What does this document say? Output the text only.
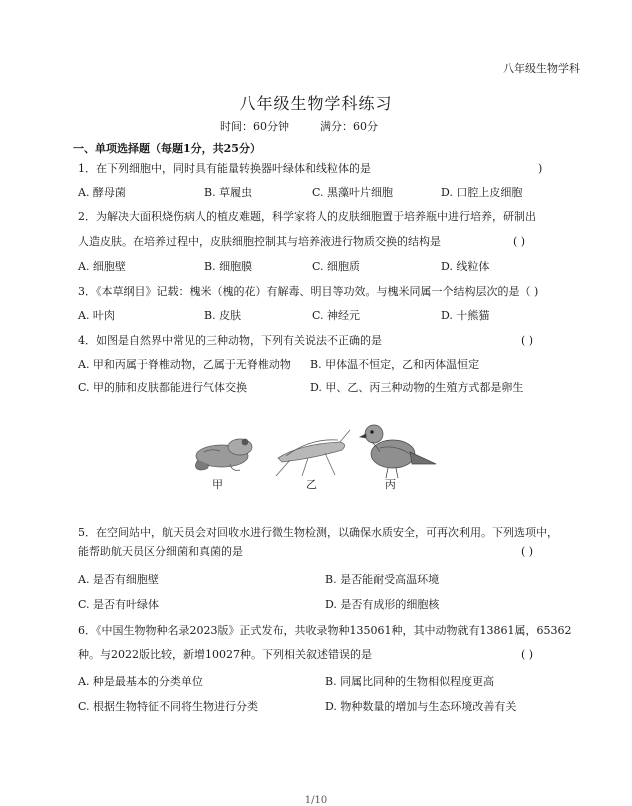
八年级生物学科
八年级生物学科练习
时间：60分钟	满分：60分
一、单项选择题（每题1分，共25分）
1．在下列细胞中，同时具有能量转换器叶绿体和线粒体的是	)
A. 酵母菌	B. 草履虫	C. 黑藻叶片细胞	D. 口腔上皮细胞
2．为解决大面积烧伤病人的植皮难题，科学家将人的皮肤细胞置于培养瓶中进行培养，研制出
人造皮肤。在培养过程中，皮肤细胞控制其与培养液进行物质交换的结构是	( )
A. 细胞壁	B. 细胞膜	C. 细胞质	D. 线粒体
3．《本草纲目》记载：槐米（槐的花）有解毒、明目等功效。与槐米同属一个结构层次的是（ )
A. 叶肉	B. 皮肤	C. 神经元	D. 十熊猫
4．如图是自然界中常见的三种动物，下列有关说法不正确的是	( )
A. 甲和丙属于脊椎动物，乙属于无脊椎动物 B. 甲体温不恒定，乙和丙体温恒定
C. 甲的肺和皮肤都能进行气体交换	D. 甲、乙、丙三种动物的生殖方式都是卵生
甲	乙	丙
5．在空间站中，航天员会对回收水进行微生物检测，以确保水质安全，可再次利用。下列选项中，
能帮助航天员区分细菌和真菌的是	( )
A. 是否有细胞壁	B. 是否能耐受高温环境
C. 是否有叶绿体	D. 是否有成形的细胞核
6．《中国生物物种名录2023版》正式发布，共收录物种135061种，其中动物就有13861属，65362
种。与2022版比较，新增10027种。下列相关叙述错误的是	( )
A. 种是最基本的分类单位	B. 同属比同种的生物相似程度更高
C. 根据生物特征不同将生物进行分类	D. 物种数量的增加与生态环境改善有关
1/10
